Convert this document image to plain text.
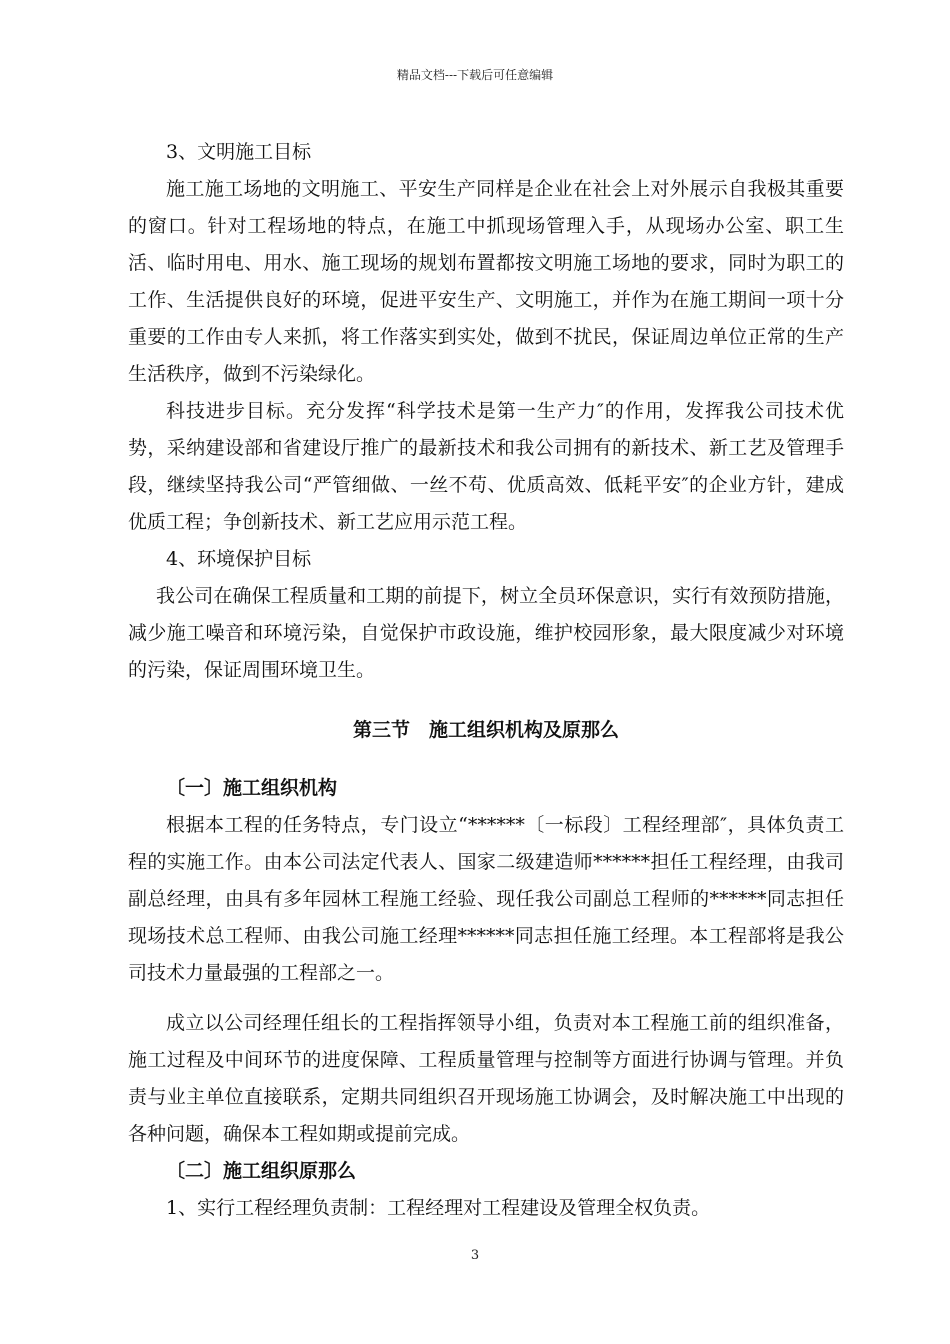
精品文档---下载后可任意编辑

3、文明施工目标

施工施工场地的文明施工、平安生产同样是企业在社会上对外展示自我极其重要的窗口。针对工程场地的特点，在施工中抓现场管理入手，从现场办公室、职工生活、临时用电、用水、施工现场的规划布置都按文明施工场地的要求，同时为职工的工作、生活提供良好的环境，促进平安生产、文明施工，并作为在施工期间一项十分重要的工作由专人来抓，将工作落实到实处，做到不扰民，保证周边单位正常的生产生活秩序，做到不污染绿化。

科技进步目标。充分发挥“科学技术是第一生产力″的作用，发挥我公司技术优势，采纳建设部和省建设厅推广的最新技术和我公司拥有的新技术、新工艺及管理手段，继续坚持我公司“严管细做、一丝不苟、优质高效、低耗平安″的企业方针，建成优质工程；争创新技术、新工艺应用示范工程。

4、环境保护目标

我公司在确保工程质量和工期的前提下，树立全员环保意识，实行有效预防措施，减少施工噪音和环境污染，自觉保护市政设施，维护校园形象，最大限度减少对环境的污染，保证周围环境卫生。

第三节　施工组织机构及原那么

〔一〕施工组织机构

根据本工程的任务特点，专门设立“******〔一标段〕工程经理部″，具体负责工程的实施工作。由本公司法定代表人、国家二级建造师******担任工程经理，由我司副总经理，由具有多年园林工程施工经验、现任我公司副总工程师的******同志担任现场技术总工程师、由我公司施工经理******同志担任施工经理。本工程部将是我公司技术力量最强的工程部之一。

成立以公司经理任组长的工程指挥领导小组，负责对本工程施工前的组织准备，施工过程及中间环节的进度保障、工程质量管理与控制等方面进行协调与管理。并负责与业主单位直接联系，定期共同组织召开现场施工协调会，及时解决施工中出现的各种问题，确保本工程如期或提前完成。

〔二〕施工组织原那么

1、实行工程经理负责制：工程经理对工程建设及管理全权负责。

3
